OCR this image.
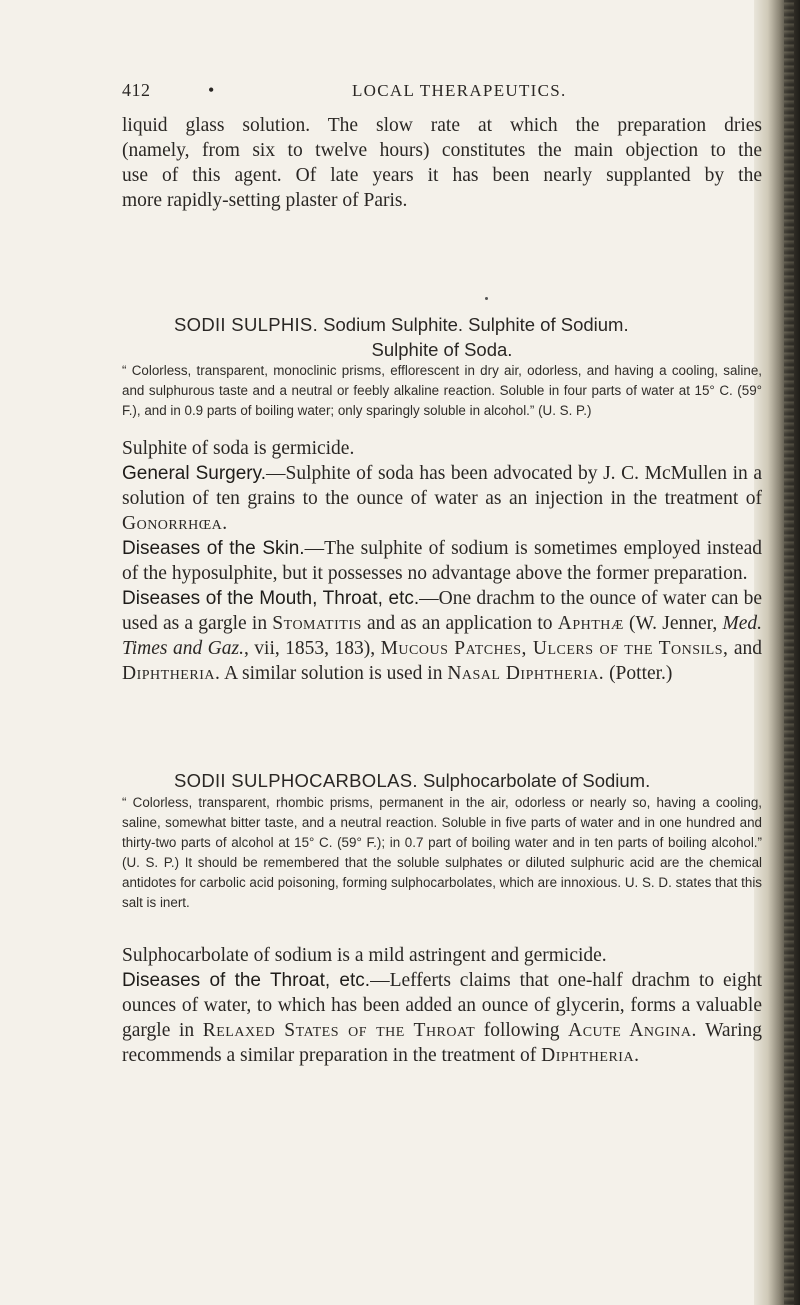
412	•	LOCAL THERAPEUTICS.

liquid glass solution. The slow rate at which the preparation dries

(namely, from six to twelve hours) constitutes the main objection to the

use of this agent. Of late years it has been nearly supplanted by the

more rapidly-setting plaster of Paris.

SODII SULPHIS. Sodium Sulphite. Sulphite of Sodium.
Sulphite of Soda.

“ Colorless, transparent, monoclinic prisms, efflorescent in dry air, odorless, and having a cooling, saline, and sulphurous taste and a neutral or feebly alkaline reaction. Soluble in four parts of water at 15° C. (59° F.), and in 0.9 parts of boiling water; only sparingly soluble in alcohol.” (U. S. P.)

Sulphite of soda is germicide.

General Surgery.—Sulphite of soda has been advocated by J. C. McMullen in a solution of ten grains to the ounce of water as an injection in the treatment of Gonorrhœa.

Diseases of the Skin.—The sulphite of sodium is sometimes employed instead of the hyposulphite, but it possesses no advantage above the former preparation.

Diseases of the Mouth, Throat, etc.—One drachm to the ounce of water can be used as a gargle in Stomatitis and as an application to Aphthæ (W. Jenner, Med. Times and Gaz., vii, 1853, 183), Mucous Patches, Ulcers of the Tonsils, and Diphtheria. A similar solution is used in Nasal Diphtheria. (Potter.)

SODII SULPHOCARBOLAS. Sulphocarbolate of Sodium.

“ Colorless, transparent, rhombic prisms, permanent in the air, odorless or nearly so, having a cooling, saline, somewhat bitter taste, and a neutral reaction. Soluble in five parts of water and in one hundred and thirty-two parts of alcohol at 15° C. (59° F.); in 0.7 part of boiling water and in ten parts of boiling alcohol.” (U. S. P.) It should be remembered that the soluble sulphates or diluted sulphuric acid are the chemical antidotes for carbolic acid poisoning, forming sulphocarbolates, which are innoxious. U. S. D. states that this salt is inert.

Sulphocarbolate of sodium is a mild astringent and germicide.

Diseases of the Throat, etc.—Lefferts claims that one-half drachm to eight ounces of water, to which has been added an ounce of glycerin, forms a valuable gargle in Relaxed States of the Throat following Acute Angina. Waring recommends a similar preparation in the treatment of Diphtheria.
